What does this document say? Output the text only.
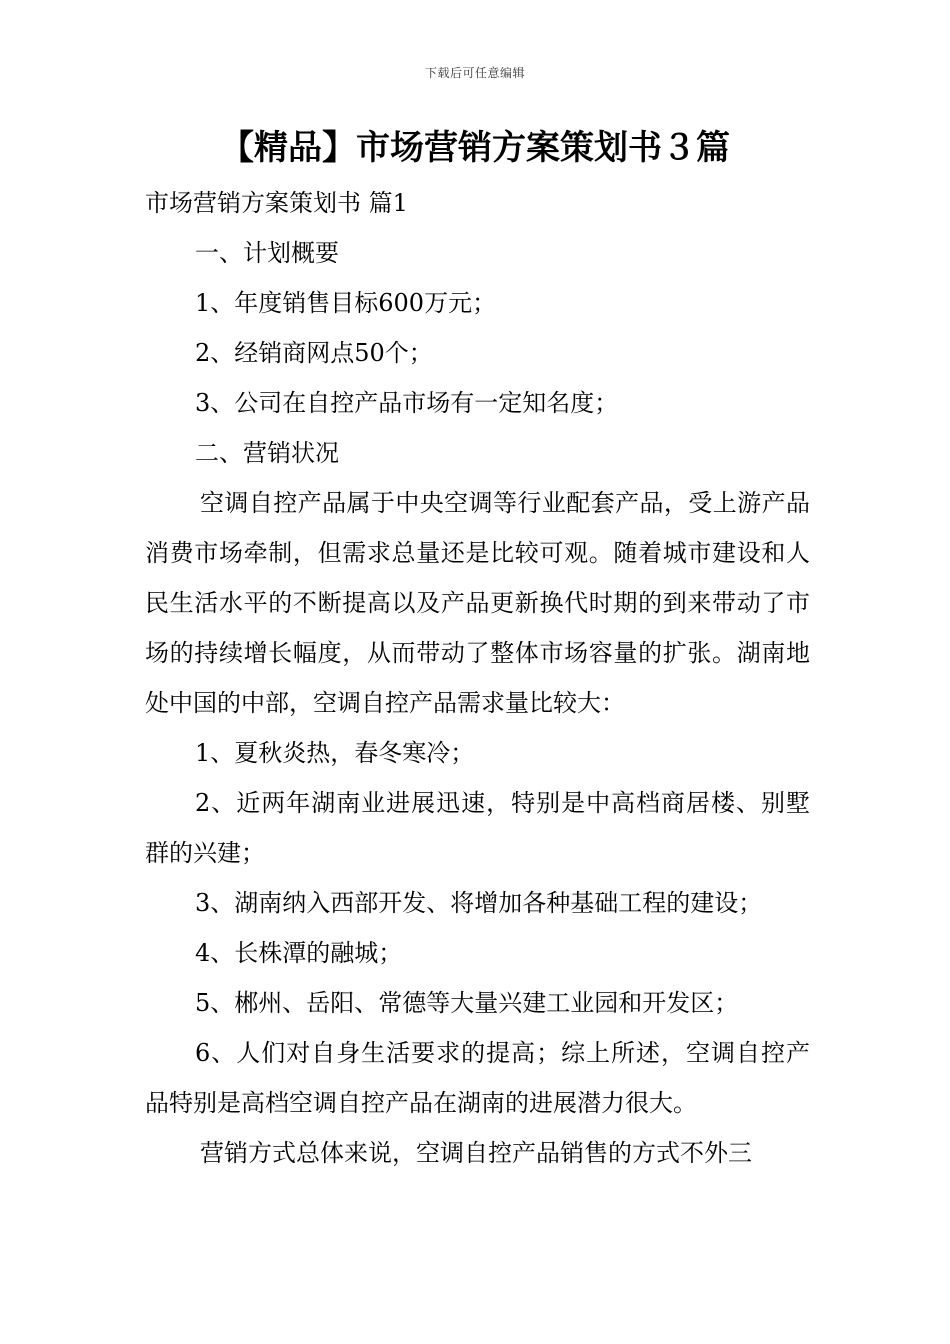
下载后可任意编辑
【精品】市场营销方案策划书３篇
市场营销方案策划书 篇1
一、计划概要
1、年度销售目标600万元；
2、经销商网点50个；
3、公司在自控产品市场有一定知名度；
二、营销状况
空调自控产品属于中央空调等行业配套产品，受上游产品消费市场牵制，但需求总量还是比较可观。随着城市建设和人民生活水平的不断提高以及产品更新换代时期的到来带动了市场的持续增长幅度，从而带动了整体市场容量的扩张。湖南地处中国的中部，空调自控产品需求量比较大：
1、夏秋炎热，春冬寒冷；
2、近两年湖南业进展迅速，特别是中高档商居楼、别墅群的兴建；
3、湖南纳入西部开发、将增加各种基础工程的建设；
4、长株潭的融城；
5、郴州、岳阳、常德等大量兴建工业园和开发区；
6、人们对自身生活要求的提高；综上所述，空调自控产品特别是高档空调自控产品在湖南的进展潜力很大。
营销方式总体来说，空调自控产品销售的方式不外三
